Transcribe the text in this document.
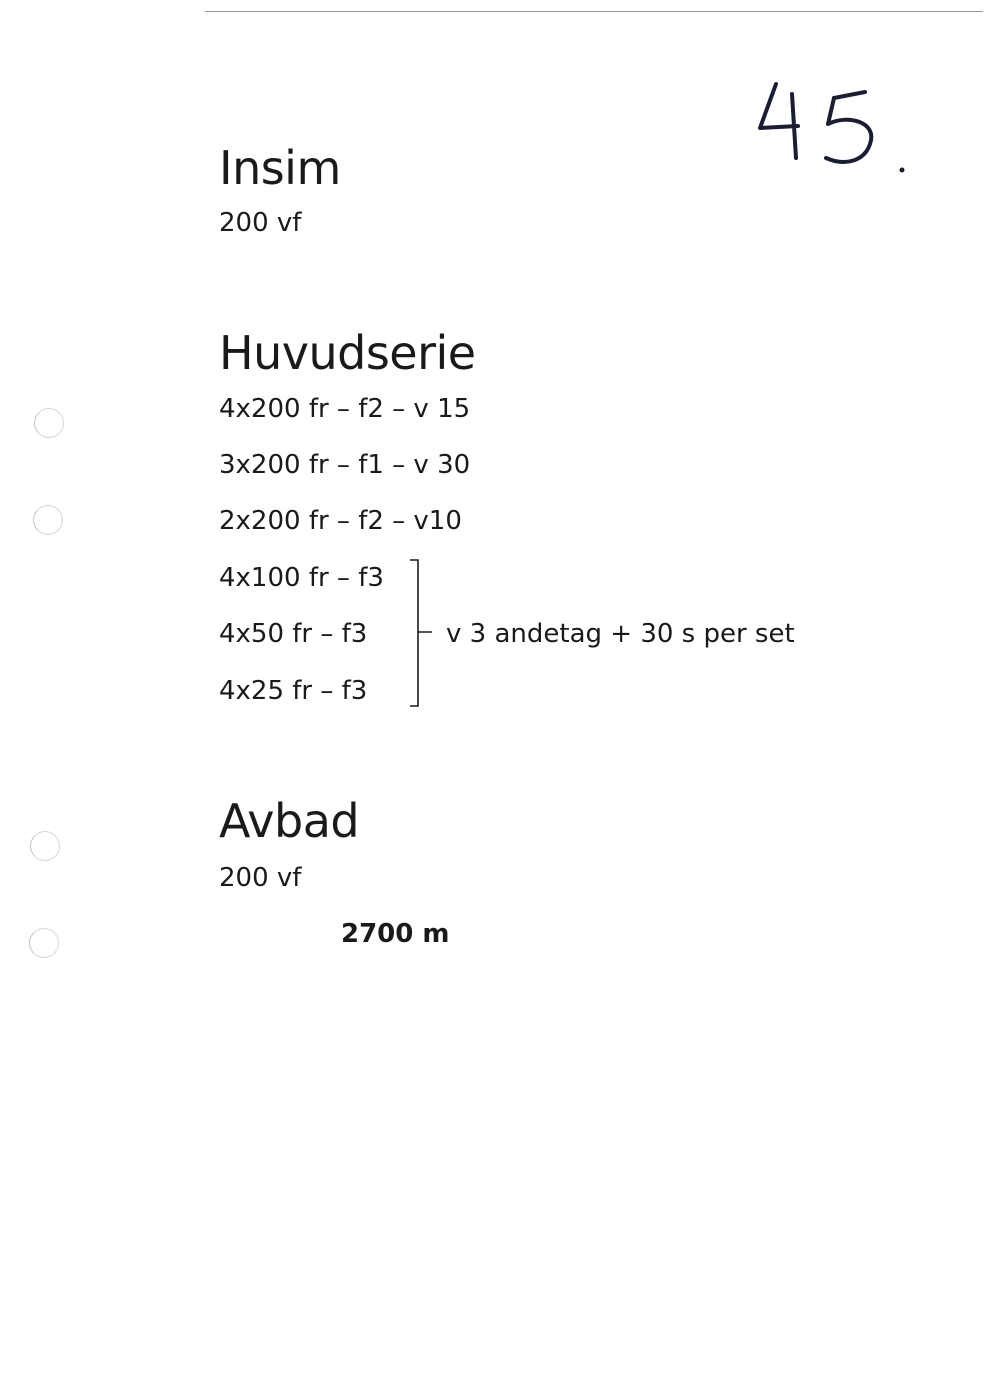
Insim

200 vf

Huvudserie

4x200 fr – f2 – v 15

3x200 fr – f1 – v 30

2x200 fr – f2 – v10

4x100 fr – f3

4x50 fr – f3

4x25 fr – f3

v 3 andetag + 30 s per set

Avbad

200 vf

2700 m
